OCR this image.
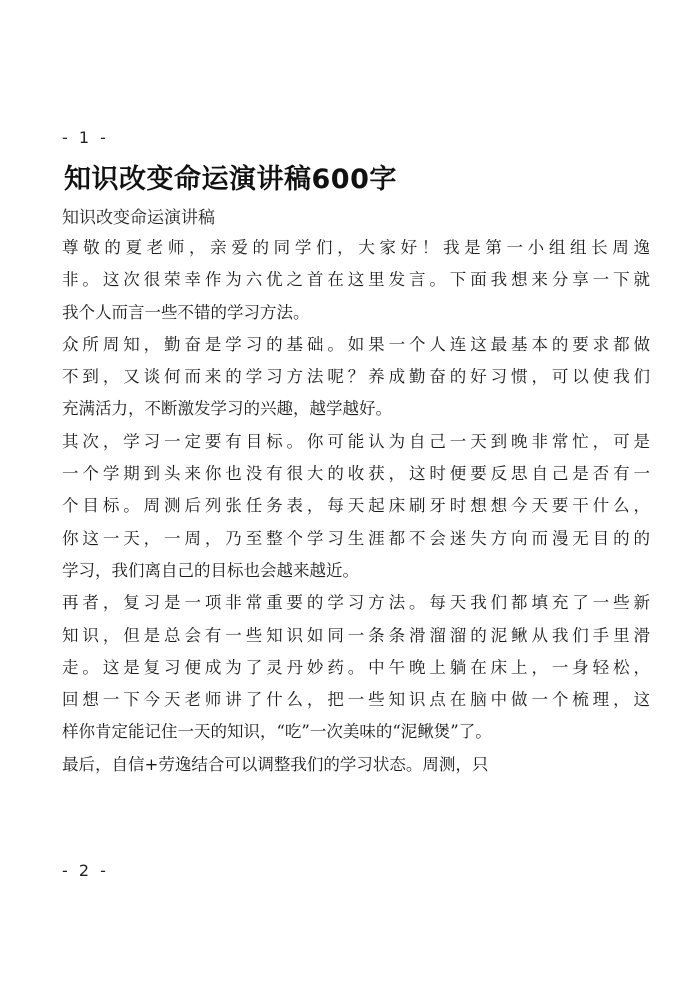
- 1 -
知识改变命运演讲稿600字
知识改变命运演讲稿
尊敬的夏老师，亲爱的同学们，大家好！我是第一小组组长周逸
非。这次很荣幸作为六优之首在这里发言。下面我想来分享一下就
我个人而言一些不错的学习方法。
众所周知，勤奋是学习的基础。如果一个人连这最基本的要求都做
不到，又谈何而来的学习方法呢？养成勤奋的好习惯，可以使我们
充满活力，不断激发学习的兴趣，越学越好。
其次，学习一定要有目标。你可能认为自己一天到晚非常忙，可是
一个学期到头来你也没有很大的收获，这时便要反思自己是否有一
个目标。周测后列张任务表，每天起床刷牙时想想今天要干什么，
你这一天，一周，乃至整个学习生涯都不会迷失方向而漫无目的的
学习，我们离自己的目标也会越来越近。
再者，复习是一项非常重要的学习方法。每天我们都填充了一些新
知识，但是总会有一些知识如同一条条滑溜溜的泥鳅从我们手里滑
走。这是复习便成为了灵丹妙药。中午晚上躺在床上，一身轻松，
回想一下今天老师讲了什么，把一些知识点在脑中做一个梳理，这
样你肯定能记住一天的知识，“吃”一次美味的“泥鳅煲”了。
最后，自信+劳逸结合可以调整我们的学习状态。周测，只
- 2 -
